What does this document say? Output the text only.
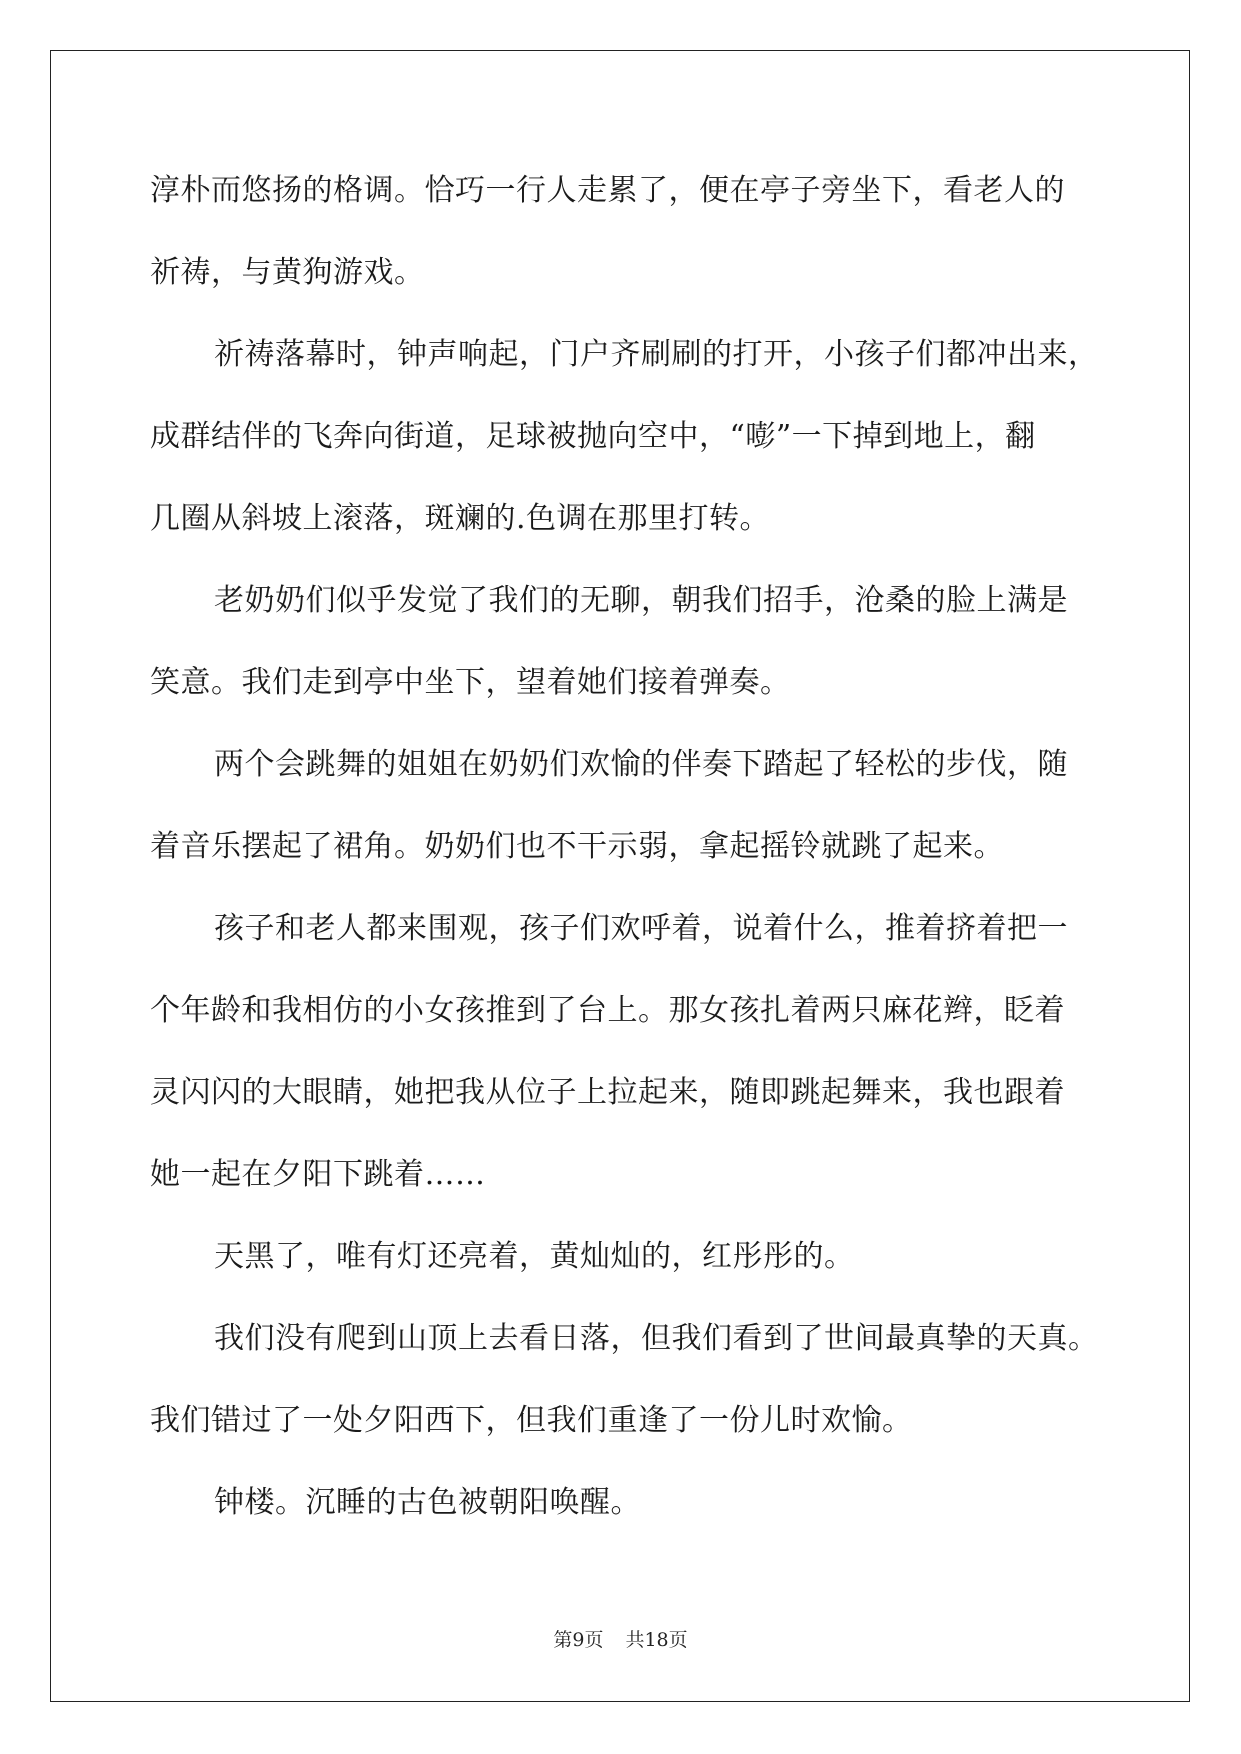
淳朴而悠扬的格调。恰巧一行人走累了，便在亭子旁坐下，看老人的
祈祷，与黄狗游戏。
祈祷落幕时，钟声响起，门户齐刷刷的打开，小孩子们都冲出来，
成群结伴的飞奔向街道，足球被抛向空中，“嘭”一下掉到地上，翻
几圈从斜坡上滚落，斑斓的.色调在那里打转。
老奶奶们似乎发觉了我们的无聊，朝我们招手，沧桑的脸上满是
笑意。我们走到亭中坐下，望着她们接着弹奏。
两个会跳舞的姐姐在奶奶们欢愉的伴奏下踏起了轻松的步伐，随
着音乐摆起了裙角。奶奶们也不干示弱，拿起摇铃就跳了起来。
孩子和老人都来围观，孩子们欢呼着，说着什么，推着挤着把一
个年龄和我相仿的小女孩推到了台上。那女孩扎着两只麻花辫，眨着
灵闪闪的大眼睛，她把我从位子上拉起来，随即跳起舞来，我也跟着
她一起在夕阳下跳着……
天黑了，唯有灯还亮着，黄灿灿的，红彤彤的。
我们没有爬到山顶上去看日落，但我们看到了世间最真挚的天真。
我们错过了一处夕阳西下，但我们重逢了一份儿时欢愉。
钟楼。沉睡的古色被朝阳唤醒。
第9页 共18页
